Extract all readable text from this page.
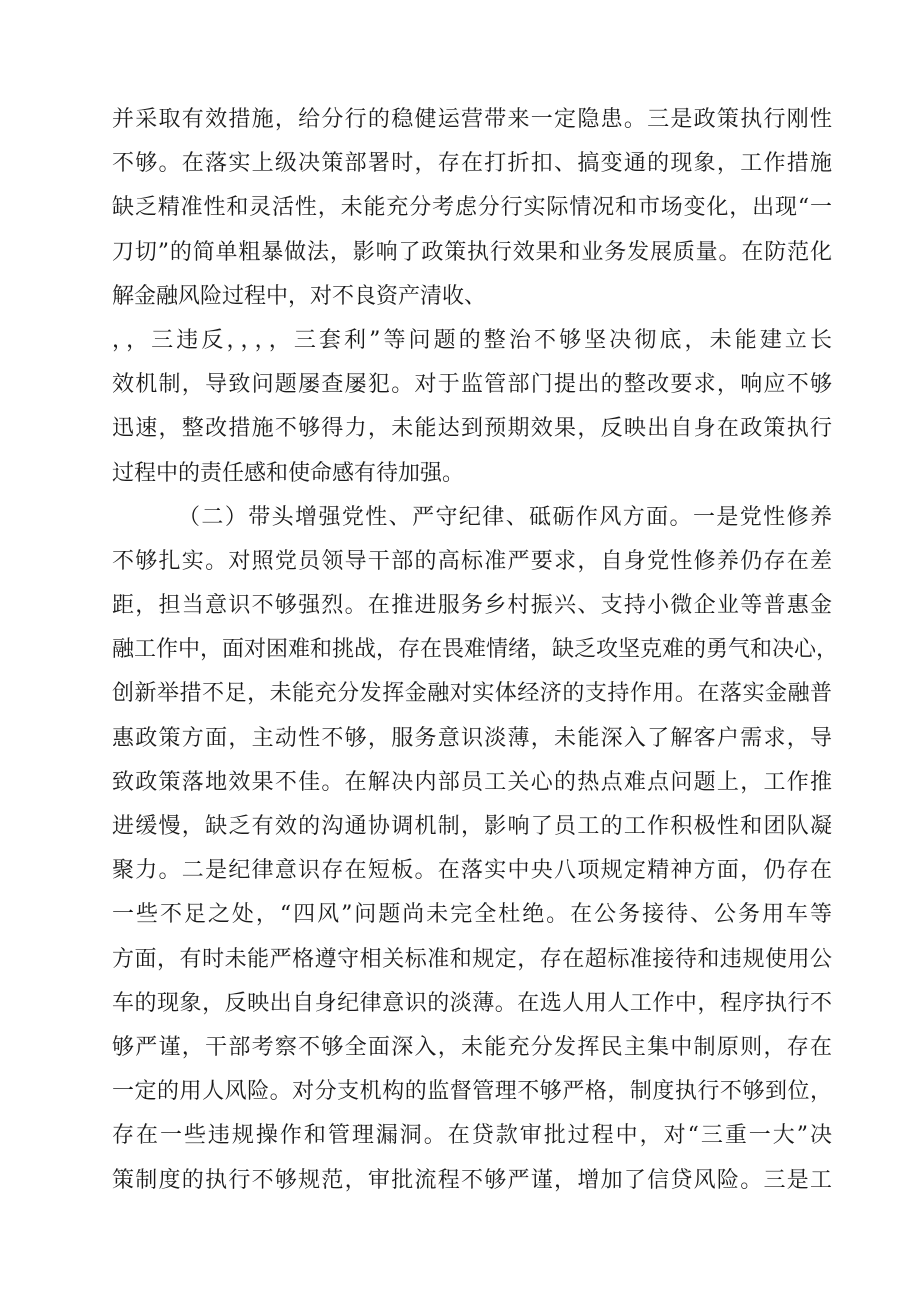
并采取有效措施，给分行的稳健运营带来一定隐患。三是政策执行刚性
不够。在落实上级决策部署时，存在打折扣、搞变通的现象，工作措施
缺乏精准性和灵活性，未能充分考虑分行实际情况和市场变化，出现“一
刀切”的简单粗暴做法，影响了政策执行效果和业务发展质量。在防范化
解金融风险过程中，对不良资产清收、
，，三违反，，，，三套利”等问题的整治不够坚决彻底，未能建立长
效机制，导致问题屡查屡犯。对于监管部门提出的整改要求，响应不够
迅速，整改措施不够得力，未能达到预期效果，反映出自身在政策执行
过程中的责任感和使命感有待加强。
（二）带头增强党性、严守纪律、砥砺作风方面。一是党性修养
不够扎实。对照党员领导干部的高标准严要求，自身党性修养仍存在差
距，担当意识不够强烈。在推进服务乡村振兴、支持小微企业等普惠金
融工作中，面对困难和挑战，存在畏难情绪，缺乏攻坚克难的勇气和决心，
创新举措不足，未能充分发挥金融对实体经济的支持作用。在落实金融普
惠政策方面，主动性不够，服务意识淡薄，未能深入了解客户需求，导
致政策落地效果不佳。在解决内部员工关心的热点难点问题上，工作推
进缓慢，缺乏有效的沟通协调机制，影响了员工的工作积极性和团队凝
聚力。二是纪律意识存在短板。在落实中央八项规定精神方面，仍存在
一些不足之处，“四风”问题尚未完全杜绝。在公务接待、公务用车等
方面，有时未能严格遵守相关标准和规定，存在超标准接待和违规使用公
车的现象，反映出自身纪律意识的淡薄。在选人用人工作中，程序执行不
够严谨，干部考察不够全面深入，未能充分发挥民主集中制原则，存在
一定的用人风险。对分支机构的监督管理不够严格，制度执行不够到位，
存在一些违规操作和管理漏洞。在贷款审批过程中，对“三重一大”决
策制度的执行不够规范，审批流程不够严谨，增加了信贷风险。三是工
